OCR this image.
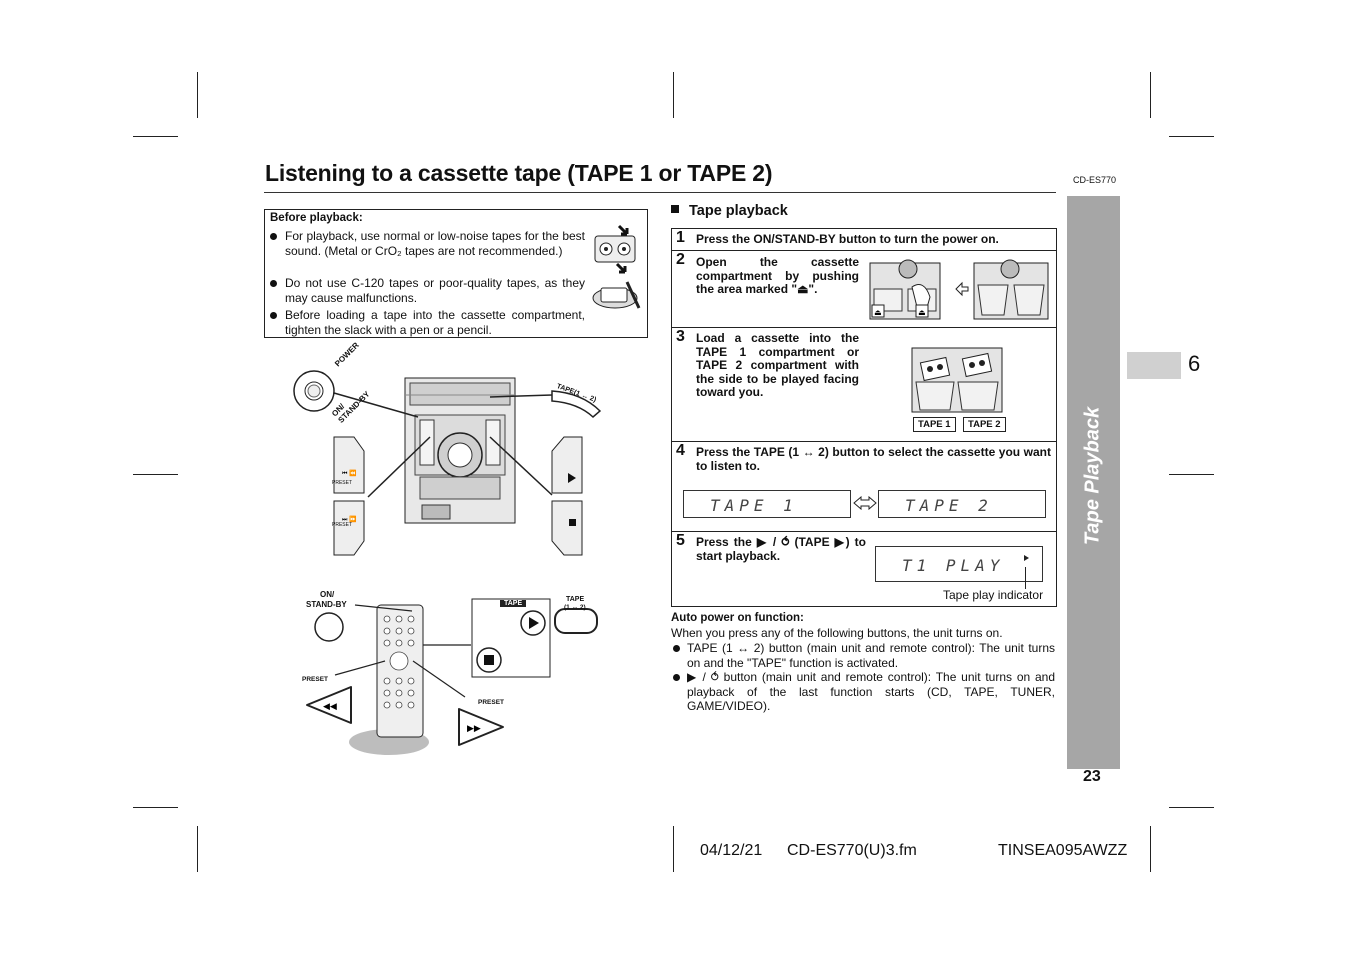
Listening to a cassette tape (TAPE 1 or TAPE 2)	CD-ES770
Tape Playback
6
23
04/12/21 CD-ES770(U)3.fm	TINSEA095AWZZ
Before playback:
For playback, use normal or low-noise tapes for the best sound. (Metal or CrO₂ tapes are not recommended.)
Do not use C-120 tapes or poor-quality tapes, as they may cause malfunctions.
Before loading a tape into the cassette compartment, tighten the slack with a pen or a pencil.
⏮ ⏪
⏭ ⏩
POWER
ON/ STAND-BY	TAPE(1 ↔ 2)
PRESET
PRESET
◀◀
▶▶
ON/
STAND-BY
TAPE
(1 ↔ 2)
TAPE
PRESET
PRESET
Tape playback
1 Press the ON/STAND-BY button to turn the power on.
2 Open the cassette compartment by pushing the area marked "⏏".
⏏	⏏
3 Load a cassette into the TAPE 1 compartment or TAPE 2 compartment with the side to be played facing toward you.
TAPE 1	TAPE 2
4 Press the TAPE (1 ↔ 2) button to select the cassette you want to listen to.
TAPE 1	TAPE 2
5 Press the ▶ / ⥀ (TAPE ▶) to start playback.
T1 PLAY
Tape play indicator
Auto power on function:
When you press any of the following buttons, the unit turns on.
TAPE (1 ↔ 2) button (main unit and remote control): The unit turns on and the "TAPE" function is activated.
▶ / ⥀ button (main unit and remote control): The unit turns on and playback of the last function starts (CD, TAPE, TUNER, GAME/VIDEO).
